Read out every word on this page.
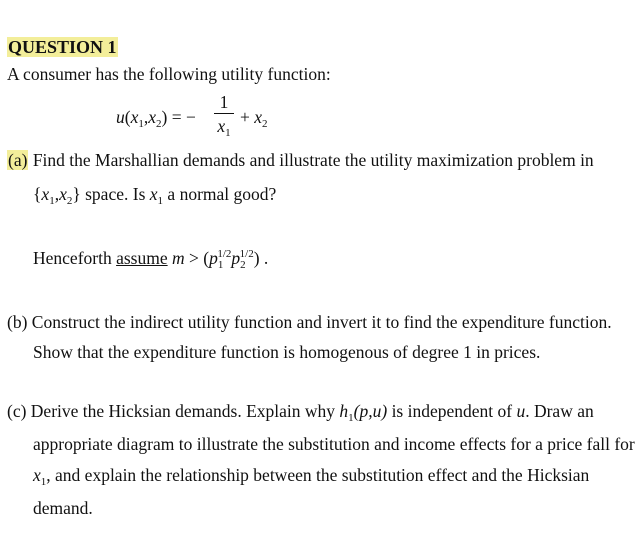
QUESTION 1
A consumer has the following utility function:
$u(x_1,x_2)$ = −
1
$x_1$
+ $x_2$
(a) Find the Marshallian demands and illustrate the utility maximization problem in
$\{x_1,x_2\}$ space. Is $x_1$ a normal good?
Henceforth assume $m > (p_1^{1/2}p_2^{1/2})$ .
(b) Construct the indirect utility function and invert it to find the expenditure function.
Show that the expenditure function is homogenous of degree 1 in prices.
(c) Derive the Hicksian demands. Explain why $h_1(p,u)$ is independent of u. Draw an
appropriate diagram to illustrate the substitution and income effects for a price fall for
$x_1$, and explain the relationship between the substitution effect and the Hicksian
demand.
